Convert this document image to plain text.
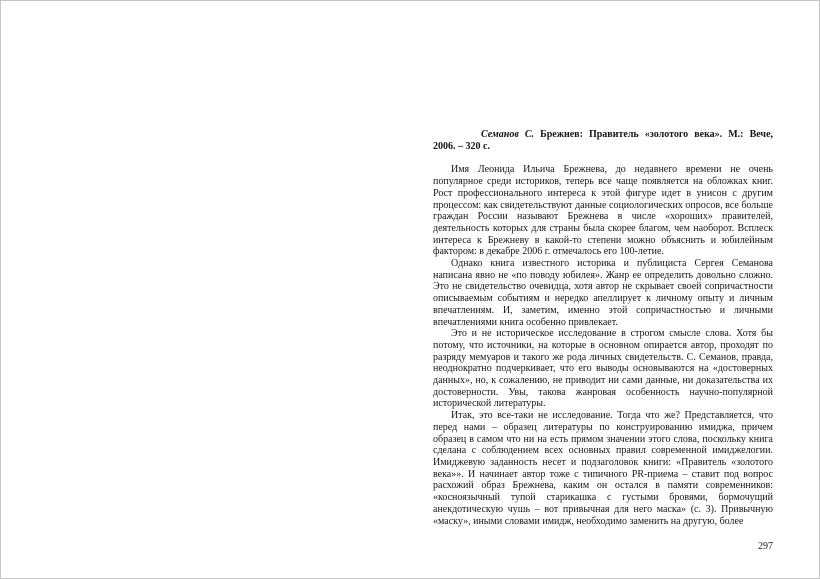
Семанов С. Брежнев: Правитель «золотого века». М.: Вече, 2006. – 320 с.

Имя Леонида Ильича Брежнева, до недавнего времени не очень популярное среди историков, теперь все чаще появляется на обложках книг. Рост профессионального интереса к этой фигуре идет в унисон с другим процессом: как свидетельствуют данные социологических опросов, все больше граждан России называют Брежнева в числе «хороших» правителей, деятельность которых для страны была скорее благом, чем наоборот. Всплеск интереса к Брежневу в какой-то степени можно объяснить и юбилейным фактором: в декабре 2006 г. отмечалось его 100-летие.

Однако книга известного историка и публициста Сергея Семанова написана явно не «по поводу юбилея». Жанр ее определить довольно сложно. Это не свидетельство очевидца, хотя автор не скрывает своей сопричастности описываемым событиям и нередко апеллирует к личному опыту и личным впечатлениям. И, заметим, именно этой сопричастностью и личными впечатлениями книга особенно привлекает.

Это и не историческое исследование в строгом смысле слова. Хотя бы потому, что источники, на которые в основном опирается автор, проходят по разряду мемуаров и такого же рода личных свидетельств. С. Семанов, правда, неоднократно подчеркивает, что его выводы основываются на «достоверных данных», но, к сожалению, не приводит ни сами данные, ни доказательства их достоверности. Увы, такова жанровая особенность научно-популярной исторической литературы.

Итак, это все-таки не исследование. Тогда что же? Представляется, что перед нами – образец литературы по конструированию имиджа, причем образец в самом что ни на есть прямом значении этого слова, поскольку книга сделана с соблюдением всех основных правил современной имиджелогии. Имиджевую заданность несет и подзаголовок книги: «Правитель «золотого века»». И начинает автор тоже с типичного PR-приема – ставит под вопрос расхожий образ Брежнева, каким он остался в памяти современников: «косноязычный тупой старикашка с густыми бровями, бормочущий анекдотическую чушь – вот привычная для него маска» (с. 3). Привычную «маску», иными словами имидж, необходимо заменить на другую, более

297
